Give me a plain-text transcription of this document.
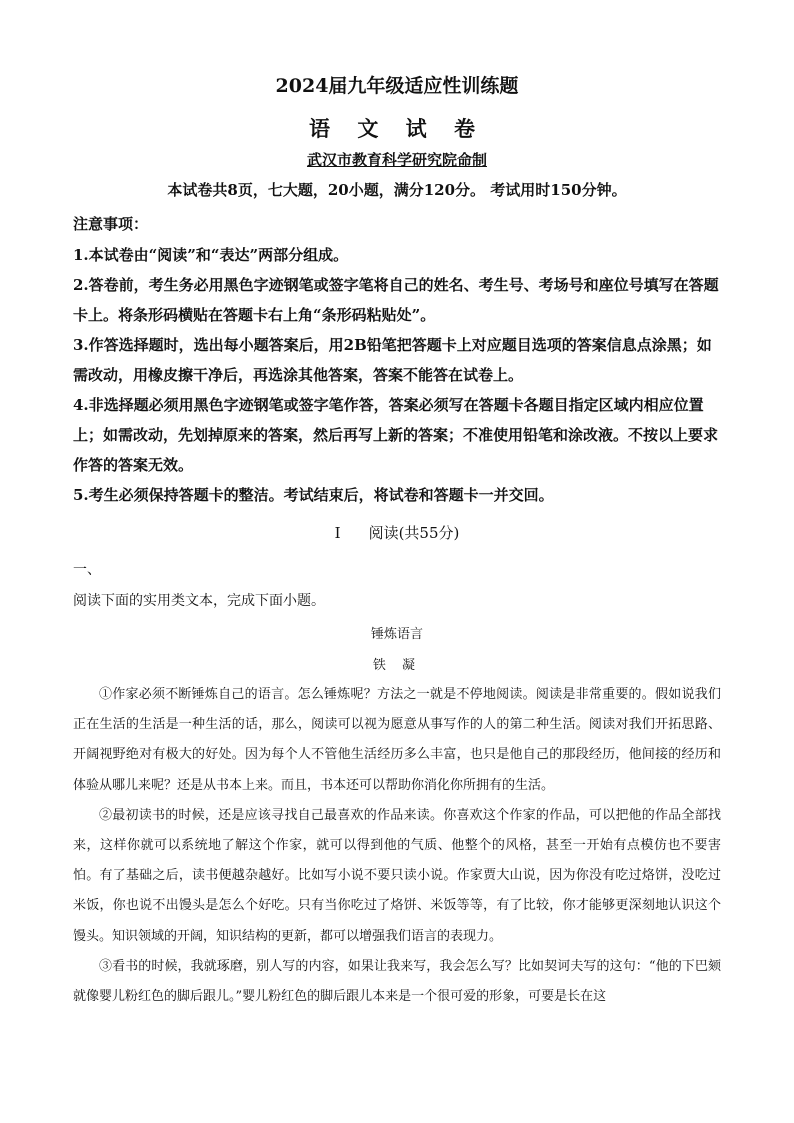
2024届九年级适应性训练题
语 文 试 卷
武汉市教育科学研究院命制
本试卷共8页，七大题，20小题，满分120分。 考试用时150分钟。
注意事项：

1.本试卷由“阅读”和“表达”两部分组成。

2.答卷前，考生务必用黑色字迹钢笔或签字笔将自己的姓名、考生号、考场号和座位号填写在答题卡上。将条形码横贴在答题卡右上角“条形码粘贴处”。

3.作答选择题时，选出每小题答案后，用2B铅笔把答题卡上对应题目选项的答案信息点涂黑；如需改动，用橡皮擦干净后，再选涂其他答案，答案不能答在试卷上。

4.非选择题必须用黑色字迹钢笔或签字笔作答，答案必须写在答题卡各题目指定区域内相应位置上；如需改动，先划掉原来的答案，然后再写上新的答案；不准使用铅笔和涂改液。不按以上要求作答的答案无效。

5.考生必须保持答题卡的整洁。考试结束后，将试卷和答题卡一并交回。

Ⅰ 阅读(共55分)
一、
阅读下面的实用类文本，完成下面小题。
锤炼语言
铁 凝

①作家必须不断锤炼自己的语言。怎么锤炼呢？方法之一就是不停地阅读。阅读是非常重要的。假如说我们正在生活的生活是一种生活的话，那么，阅读可以视为愿意从事写作的人的第二种生活。阅读对我们开拓思路、开阔视野绝对有极大的好处。因为每个人不管他生活经历多么丰富，也只是他自己的那段经历，他间接的经历和体验从哪儿来呢？还是从书本上来。而且，书本还可以帮助你消化你所拥有的生活。

②最初读书的时候，还是应该寻找自己最喜欢的作品来读。你喜欢这个作家的作品，可以把他的作品全部找来，这样你就可以系统地了解这个作家，就可以得到他的气质、他整个的风格，甚至一开始有点模仿也不要害怕。有了基础之后，读书便越杂越好。比如写小说不要只读小说。作家贾大山说，因为你没有吃过烙饼，没吃过米饭，你也说不出馒头是怎么个好吃。只有当你吃过了烙饼、米饭等等，有了比较，你才能够更深刻地认识这个馒头。知识领域的开阔，知识结构的更新，都可以增强我们语言的表现力。

③看书的时候，我就琢磨，别人写的内容，如果让我来写，我会怎么写？比如契诃夫写的这句：“他的下巴颏就像婴儿粉红色的脚后跟儿。”婴儿粉红色的脚后跟儿本来是一个很可爱的形象，可要是长在这
